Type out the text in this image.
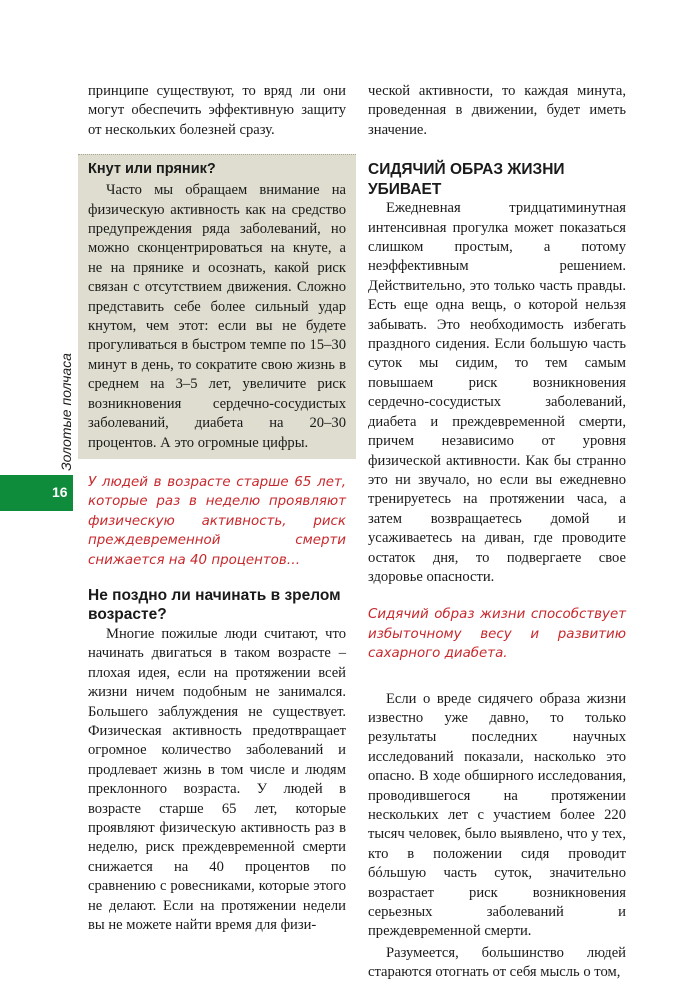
16
Золотые полчаса

принципе существуют, то вряд ли они могут обеспечить эффективную защиту от нескольких болезней сразу.

Кнут или пряник?

Часто мы обращаем внимание на физическую активность как на средство предупреждения ряда заболеваний, но можно сконцентрироваться на кнуте, а не на прянике и осознать, какой риск связан с отсутствием движения. Сложно представить себе более сильный удар кнутом, чем этот: если вы не будете прогуливаться в быстром темпе по 15–30 минут в день, то сократите свою жизнь в среднем на 3–5 лет, увеличите риск возникновения сердечно-сосудистых заболеваний, диабета на 20–30 процентов. А это огромные цифры.

У людей в возрасте старше 65 лет, которые раз в неделю проявляют физическую активность, риск преждевременной смерти снижается на 40 процентов…

Не поздно ли начинать в зрелом возрасте?

Многие пожилые люди считают, что начинать двигаться в таком возрасте – плохая идея, если на протяжении всей жизни ничем подобным не занимался. Большего заблуждения не существует. Физическая активность предотвращает огромное количество заболеваний и продлевает жизнь в том числе и людям преклонного возраста. У людей в возрасте старше 65 лет, которые проявляют физическую активность раз в неделю, риск преждевременной смерти снижается на 40 процентов по сравнению с ровесниками, которые этого не делают. Если на протяжении недели вы не можете найти время для физи-

ческой активности, то каждая минута, проведенная в движении, будет иметь значение.

СИДЯЧИЙ ОБРАЗ ЖИЗНИ УБИВАЕТ

Ежедневная тридцатиминутная интенсивная прогулка может показаться слишком простым, а потому неэффективным решением. Действительно, это только часть правды. Есть еще одна вещь, о которой нельзя забывать. Это необходимость избегать праздного сидения. Если большую часть суток мы сидим, то тем самым повышаем риск возникновения сердечно-сосудистых заболеваний, диабета и преждевременной смерти, причем независимо от уровня физической активности. Как бы странно это ни звучало, но если вы ежедневно тренируетесь на протяжении часа, а затем возвращаетесь домой и усаживаетесь на диван, где проводите остаток дня, то подвергаете свое здоровье опасности.

Сидячий образ жизни способствует избыточному весу и развитию сахарного диабета.

Если о вреде сидячего образа жизни известно уже давно, то только результаты последних научных исследований показали, насколько это опасно. В ходе обширного исследования, проводившегося на протяжении нескольких лет с участием более 220 тысяч человек, было выявлено, что у тех, кто в положении сидя проводит бóльшую часть суток, значительно возрастает риск возникновения серьезных заболеваний и преждевременной смерти.

Разумеется, большинство людей стараются отогнать от себя мысль о том,
